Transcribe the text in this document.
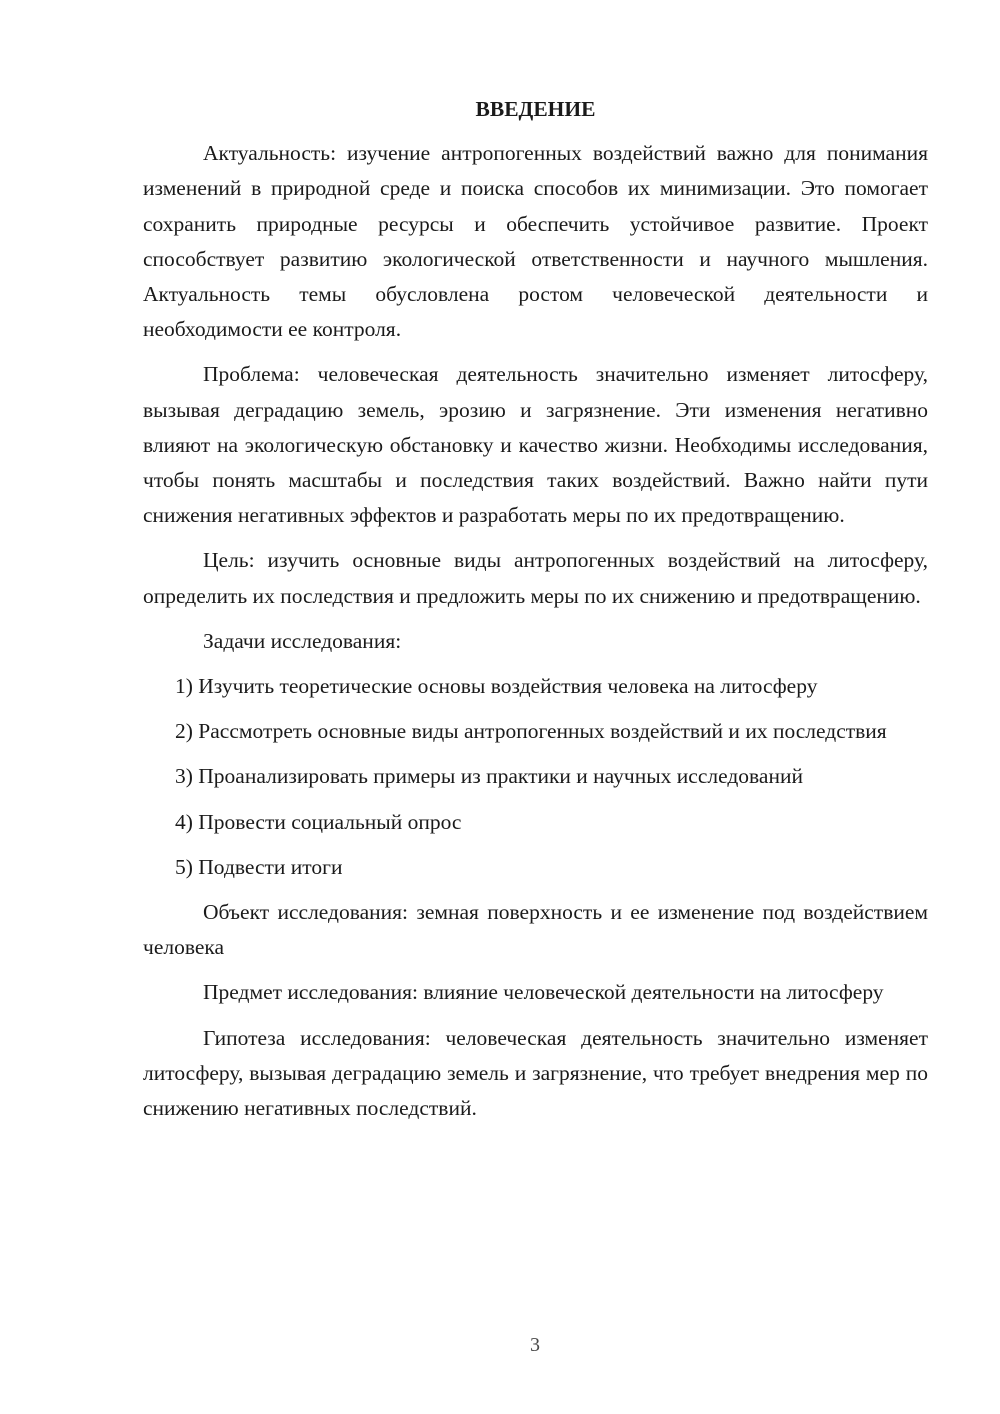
ВВЕДЕНИЕ

Актуальность: изучение антропогенных воздействий важно для понимания изменений в природной среде и поиска способов их минимизации. Это помогает сохранить природные ресурсы и обеспечить устойчивое развитие. Проект способствует развитию экологической ответственности и научного мышления. Актуальность темы обусловлена ростом человеческой деятельности и необходимости ее контроля.

Проблема: человеческая деятельность значительно изменяет литосферу, вызывая деградацию земель, эрозию и загрязнение. Эти изменения негативно влияют на экологическую обстановку и качество жизни. Необходимы исследования, чтобы понять масштабы и последствия таких воздействий. Важно найти пути снижения негативных эффектов и разработать меры по их предотвращению.

Цель: изучить основные виды антропогенных воздействий на литосферу, определить их последствия и предложить меры по их снижению и предотвращению.

Задачи исследования:

1) Изучить теоретические основы воздействия человека на литосферу

2) Рассмотреть основные виды антропогенных воздействий и их последствия

3) Проанализировать примеры из практики и научных исследований

4) Провести социальный опрос

5) Подвести итоги

Объект исследования: земная поверхность и ее изменение под воздействием человека

Предмет исследования: влияние человеческой деятельности на литосферу

Гипотеза исследования: человеческая деятельность значительно изменяет литосферу, вызывая деградацию земель и загрязнение, что требует внедрения мер по снижению негативных последствий.

3
